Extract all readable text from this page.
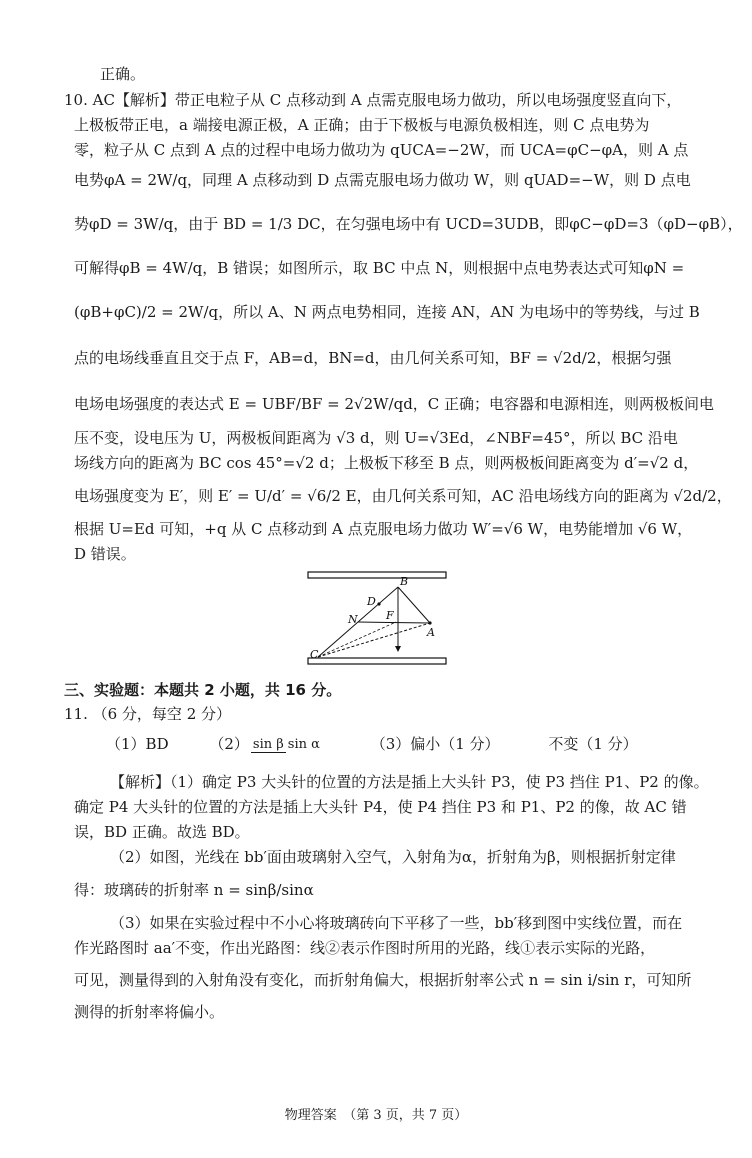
正确。
10. AC【解析】带正电粒子从 C 点移动到 A 点需克服电场力做功，所以电场强度竖直向下，
上极板带正电，a 端接电源正极，A 正确；由于下极板与电源负极相连，则 C 点电势为
零，粒子从 C 点到 A 点的过程中电场力做功为 qUCA=−2W，而 UCA=φC−φA，则 A 点
电势φA = 2W/q，同理 A 点移动到 D 点需克服电场力做功 W，则 qUAD=−W，则 D 点电
势φD = 3W/q，由于 BD = 1/3 DC，在匀强电场中有 UCD=3UDB，即φC−φD=3（φD−φB），
可解得φB = 4W/q，B 错误；如图所示，取 BC 中点 N，则根据中点电势表达式可知φN =
(φB+φC)/2 = 2W/q，所以 A、N 两点电势相同，连接 AN，AN 为电场中的等势线，与过 B
点的电场线垂直且交于点 F，AB=d，BN=d，由几何关系可知，BF = √2d/2，根据匀强
电场电场强度的表达式 E = UBF/BF = 2√2W/qd，C 正确；电容器和电源相连，则两极板间电
压不变，设电压为 U，两极板间距离为 √3 d，则 U=√3Ed，∠NBF=45°，所以 BC 沿电
场线方向的距离为 BC cos 45°=√2 d；上极板下移至 B 点，则两极板间距离变为 d′=√2 d，
电场强度变为 E′，则 E′ = U/d′ = √6/2 E，由几何关系可知，AC 沿电场线方向的距离为 √2d/2，
根据 U=Ed 可知，+q 从 C 点移动到 A 点克服电场力做功 W′=√6 W，电势能增加 √6 W，
D 错误。
B
D
N	F
A
C
三、实验题：本题共 2 小题，共 16 分。
11. （6 分，每空 2 分）
（1）BD	（2） sin β sin α	（3）偏小（1 分）	不变（1 分）
【解析】（1）确定 P3 大头针的位置的方法是插上大头针 P3，使 P3 挡住 P1、P2 的像。
确定 P4 大头针的位置的方法是插上大头针 P4，使 P4 挡住 P3 和 P1、P2 的像，故 AC 错
误，BD 正确。故选 BD。
（2）如图，光线在 bb′面由玻璃射入空气，入射角为α，折射角为β，则根据折射定律
得：玻璃砖的折射率 n = sinβ/sinα
（3）如果在实验过程中不小心将玻璃砖向下平移了一些，bb′移到图中实线位置，而在
作光路图时 aa′不变，作出光路图：线②表示作图时所用的光路，线①表示实际的光路，
可见，测量得到的入射角没有变化，而折射角偏大，根据折射率公式 n = sin i/sin r，可知所
测得的折射率将偏小。
物理答案　（第 3 页，共 7 页）
